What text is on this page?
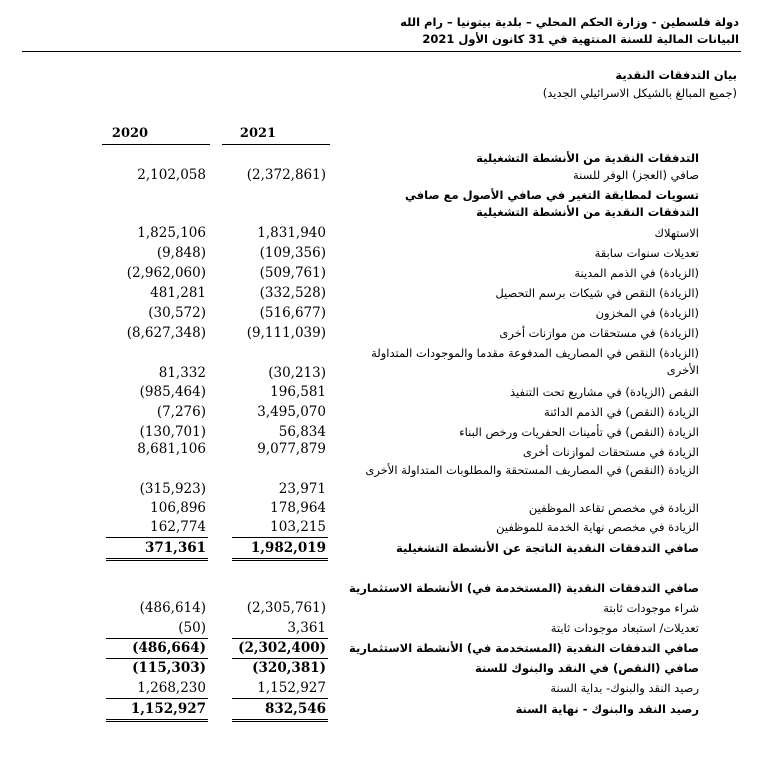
دولة فلسطين - وزارة الحكم المحلي – بلدية بيتونيا – رام الله
البيانات المالية للسنة المنتهية في 31 كانون الأول 2021
بيان التدفقات النقدية
(جميع المبالغ بالشيكل الاسرائيلي الجديد)
2021
2020
التدفقات النقدية من الأنشطة التشغيلية
صافي (العجز) الوفر للسنة
(2,372,861)
2,102,058
تسويات لمطابقة التغير في صافي الأصول مع صافي التدفقات النقدية من الأنشطة التشغيلية
الاستهلاك
1,831,940
1,825,106
تعديلات سنوات سابقة
(109,356)
(9,848)
(الزيادة) في الذمم المدينة
(509,761)
(2,962,060)
(الزيادة) النقص في شيكات برسم التحصيل
(332,528)
481,281
(الزيادة) في المخزون
(516,677)
(30,572)
(الزيادة) في مستحقات من موازنات أخرى
(9,111,039)
(8,627,348)
(الزيادة) النقص في المصاريف المدفوعة مقدما والموجودات المتداولة الأخرى
(30,213)
81,332
النقص (الزيادة) في مشاريع تحت التنفيذ
196,581
(985,464)
الزيادة (النقص) في الذمم الدائنة
3,495,070
(7,276)
الزيادة (النقص) في تأمينات الحفريات ورخص البناء
56,834
(130,701)
الزيادة في مستحقات لموازنات أخرى
9,077,879
8,681,106
الزيادة (النقص) في المصاريف المستحقة والمطلوبات المتداولة الأخرى
23,971
(315,923)
الزيادة في مخصص تقاعد الموظفين
178,964
106,896
الزيادة في مخصص نهاية الخدمة للموظفين
103,215
162,774
صافي التدفقات النقدية الناتجة عن الأنشطة التشغيلية
1,982,019
371,361
صافي التدفقات النقدية (المستخدمة في) الأنشطة الاستثمارية
شراء موجودات ثابتة
(2,305,761)
(486,614)
تعديلات/ استبعاد موجودات ثابتة
3,361
(50)
صافي التدفقات النقدية (المستخدمة في) الأنشطة الاستثمارية
(2,302,400)
(486,664)
صافي (النقص) في النقد والبنوك للسنة
(320,381)
(115,303)
رصيد النقد والبنوك- بداية السنة
1,152,927
1,268,230
رصيد النقد والبنوك - نهاية السنة
832,546
1,152,927
